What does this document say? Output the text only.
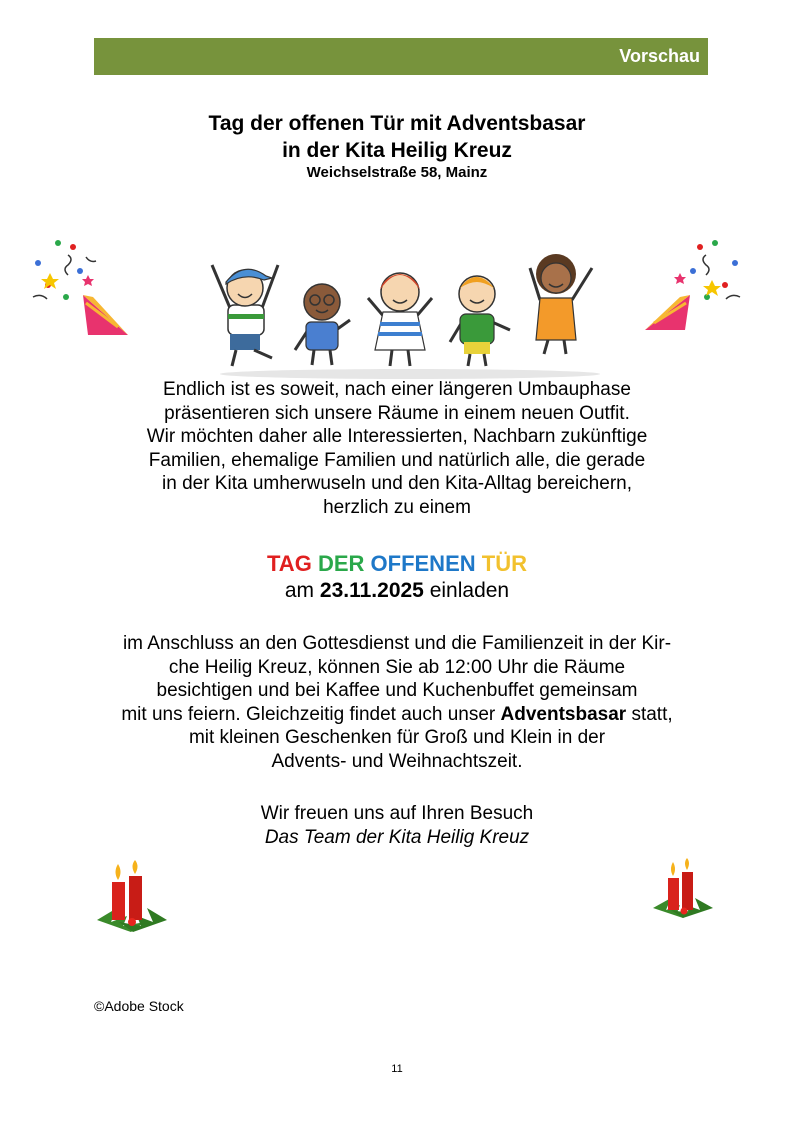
Vorschau
Tag der offenen Tür mit Adventsbasar
in der Kita Heilig Kreuz
Weichselstraße 58, Mainz
Endlich ist es soweit, nach einer längeren Umbauphase
präsentieren sich unsere Räume in einem neuen Outfit.
Wir möchten daher alle Interessierten, Nachbarn zukünftige
Familien, ehemalige Familien und natürlich alle, die gerade
in der Kita umherwuseln und den Kita-Alltag bereichern,
herzlich zu einem
TAG DER OFFENEN TÜR
am 23.11.2025 einladen
im Anschluss an den Gottesdienst und die Familienzeit in der Kir-
che Heilig Kreuz, können Sie ab 12:00 Uhr die Räume
besichtigen und bei Kaffee und Kuchenbuffet gemeinsam
mit uns feiern. Gleichzeitig findet auch unser Adventsbasar statt,
mit kleinen Geschenken für Groß und Klein in der
Advents- und Weihnachtszeit.
Wir freuen uns auf Ihren Besuch
Das Team der Kita Heilig Kreuz
©Adobe Stock
11
